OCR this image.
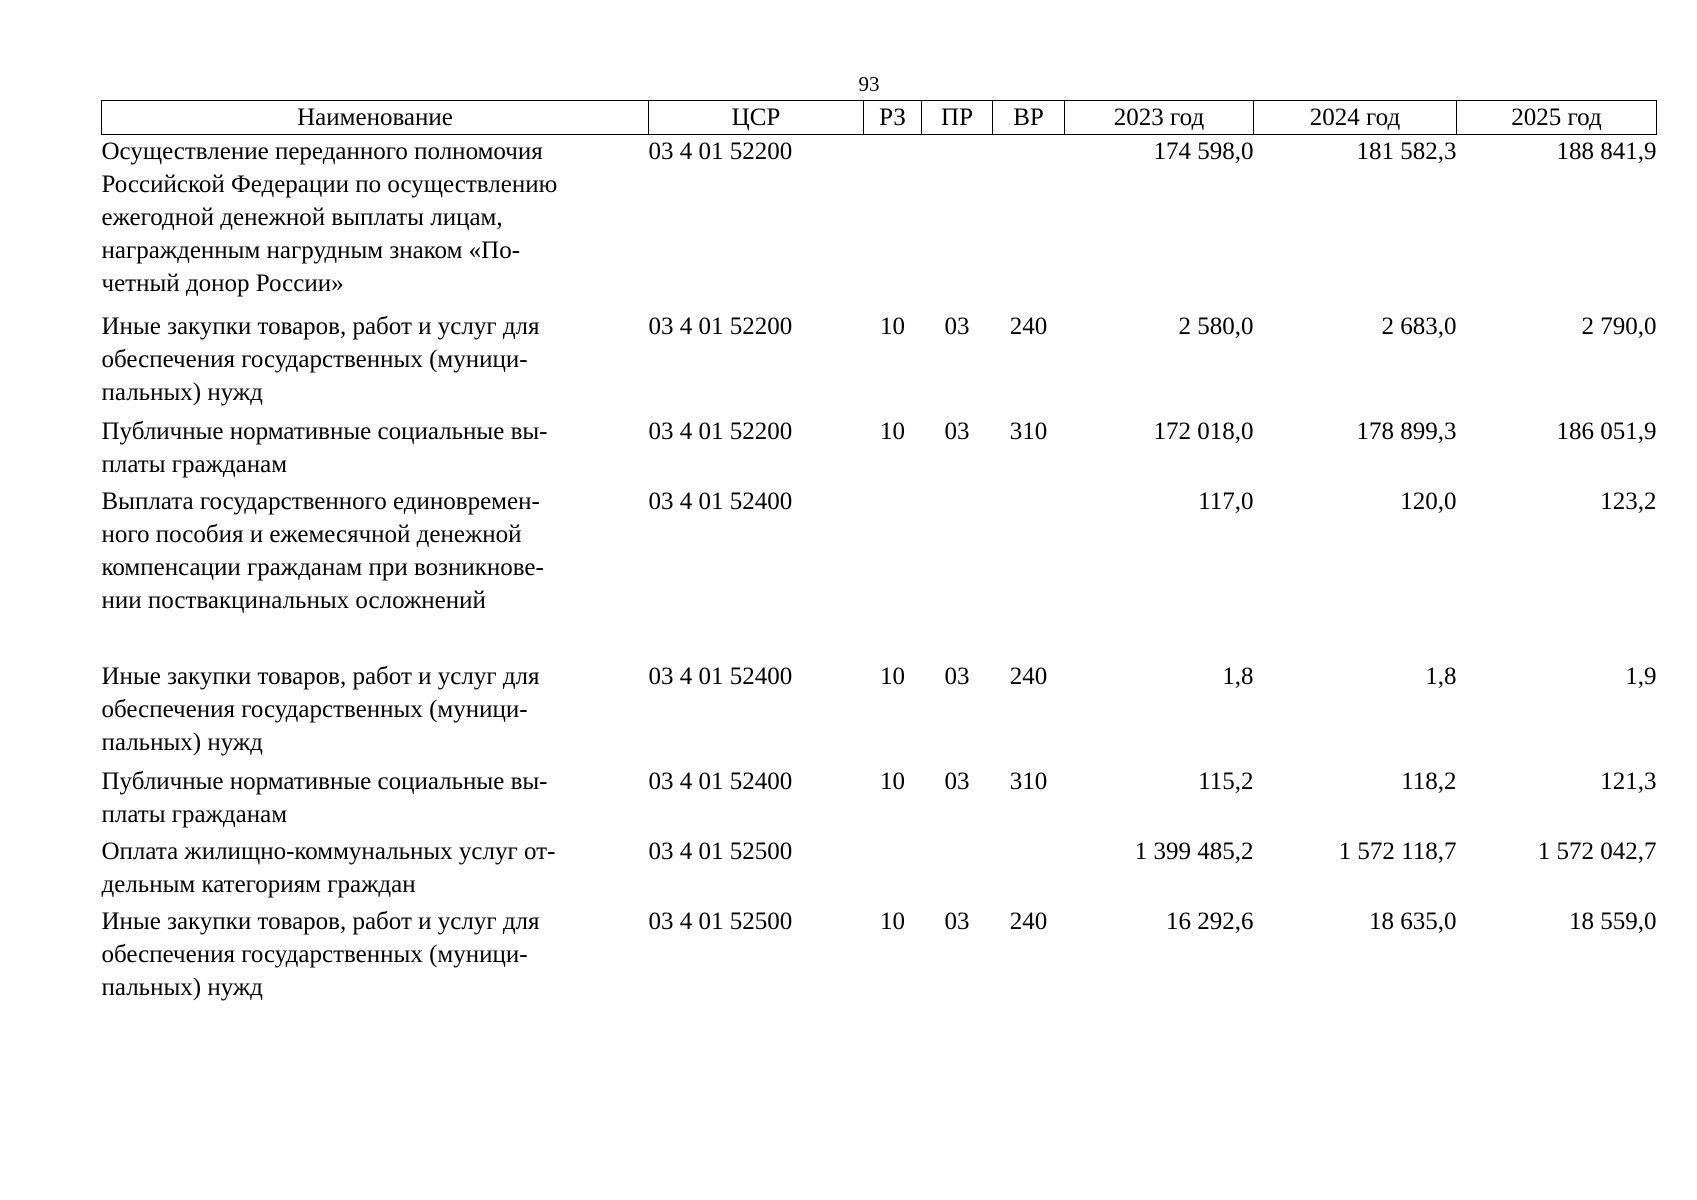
93
Наименование	ЦСР	РЗ	ПР	ВР	2023 год	2024 год	2025 год

Осуществление переданного полномочия
Российской Федерации по осуществлению
ежегодной денежной выплаты лицам,
награжденным нагрудным знаком «По-
четный донор России»	03 4 01 52200				174 598,0	181 582,3	188 841,9

Иные закупки товаров, работ и услуг для
обеспечения государственных (муници-
пальных) нужд	03 4 01 52200	10	03	240	2 580,0	2 683,0	2 790,0

Публичные нормативные социальные вы-
платы гражданам	03 4 01 52200	10	03	310	172 018,0	178 899,3	186 051,9

Выплата государственного единовремен-
ного пособия и ежемесячной денежной
компенсации гражданам при возникнове-
нии поствакцинальных осложнений	03 4 01 52400				117,0	120,0	123,2

Иные закупки товаров, работ и услуг для
обеспечения государственных (муници-
пальных) нужд	03 4 01 52400	10	03	240	1,8	1,8	1,9

Публичные нормативные социальные вы-
платы гражданам	03 4 01 52400	10	03	310	115,2	118,2	121,3

Оплата жилищно-коммунальных услуг от-
дельным категориям граждан	03 4 01 52500				1 399 485,2	1 572 118,7	1 572 042,7

Иные закупки товаров, работ и услуг для
обеспечения государственных (муници-
пальных) нужд	03 4 01 52500	10	03	240	16 292,6	18 635,0	18 559,0
